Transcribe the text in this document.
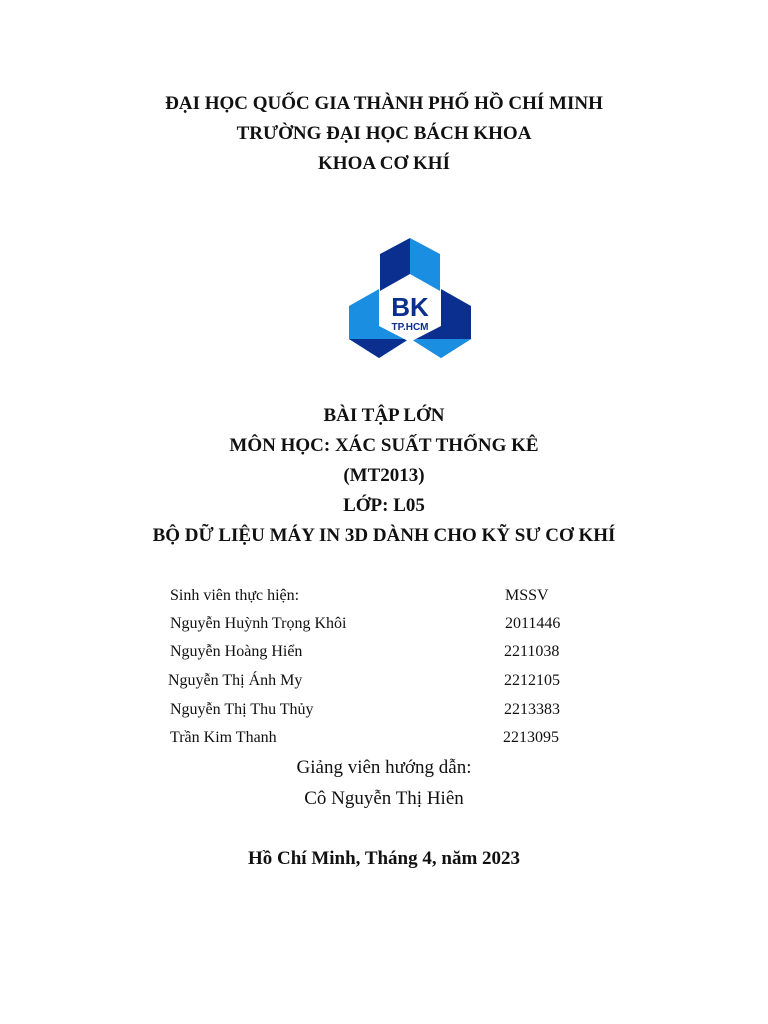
ĐẠI HỌC QUỐC GIA THÀNH PHỐ HỒ CHÍ MINH
TRƯỜNG ĐẠI HỌC BÁCH KHOA
KHOA CƠ KHÍ
BK
TP.HCM
BÀI TẬP LỚN
MÔN HỌC: XÁC SUẤT THỐNG KÊ
(MT2013)
LỚP: L05
BỘ DỮ LIỆU MÁY IN 3D DÀNH CHO KỸ SƯ CƠ KHÍ
Sinh viên thực hiện:	MSSV
Nguyễn Huỳnh Trọng Khôi	2011446
Nguyễn Hoàng Hiển	2211038
Nguyễn Thị Ánh My	2212105
Nguyễn Thị Thu Thủy	2213383
Trần Kim Thanh	2213095
Giảng viên hướng dẫn:
Cô Nguyễn Thị Hiên
Hồ Chí Minh, Tháng 4, năm 2023
